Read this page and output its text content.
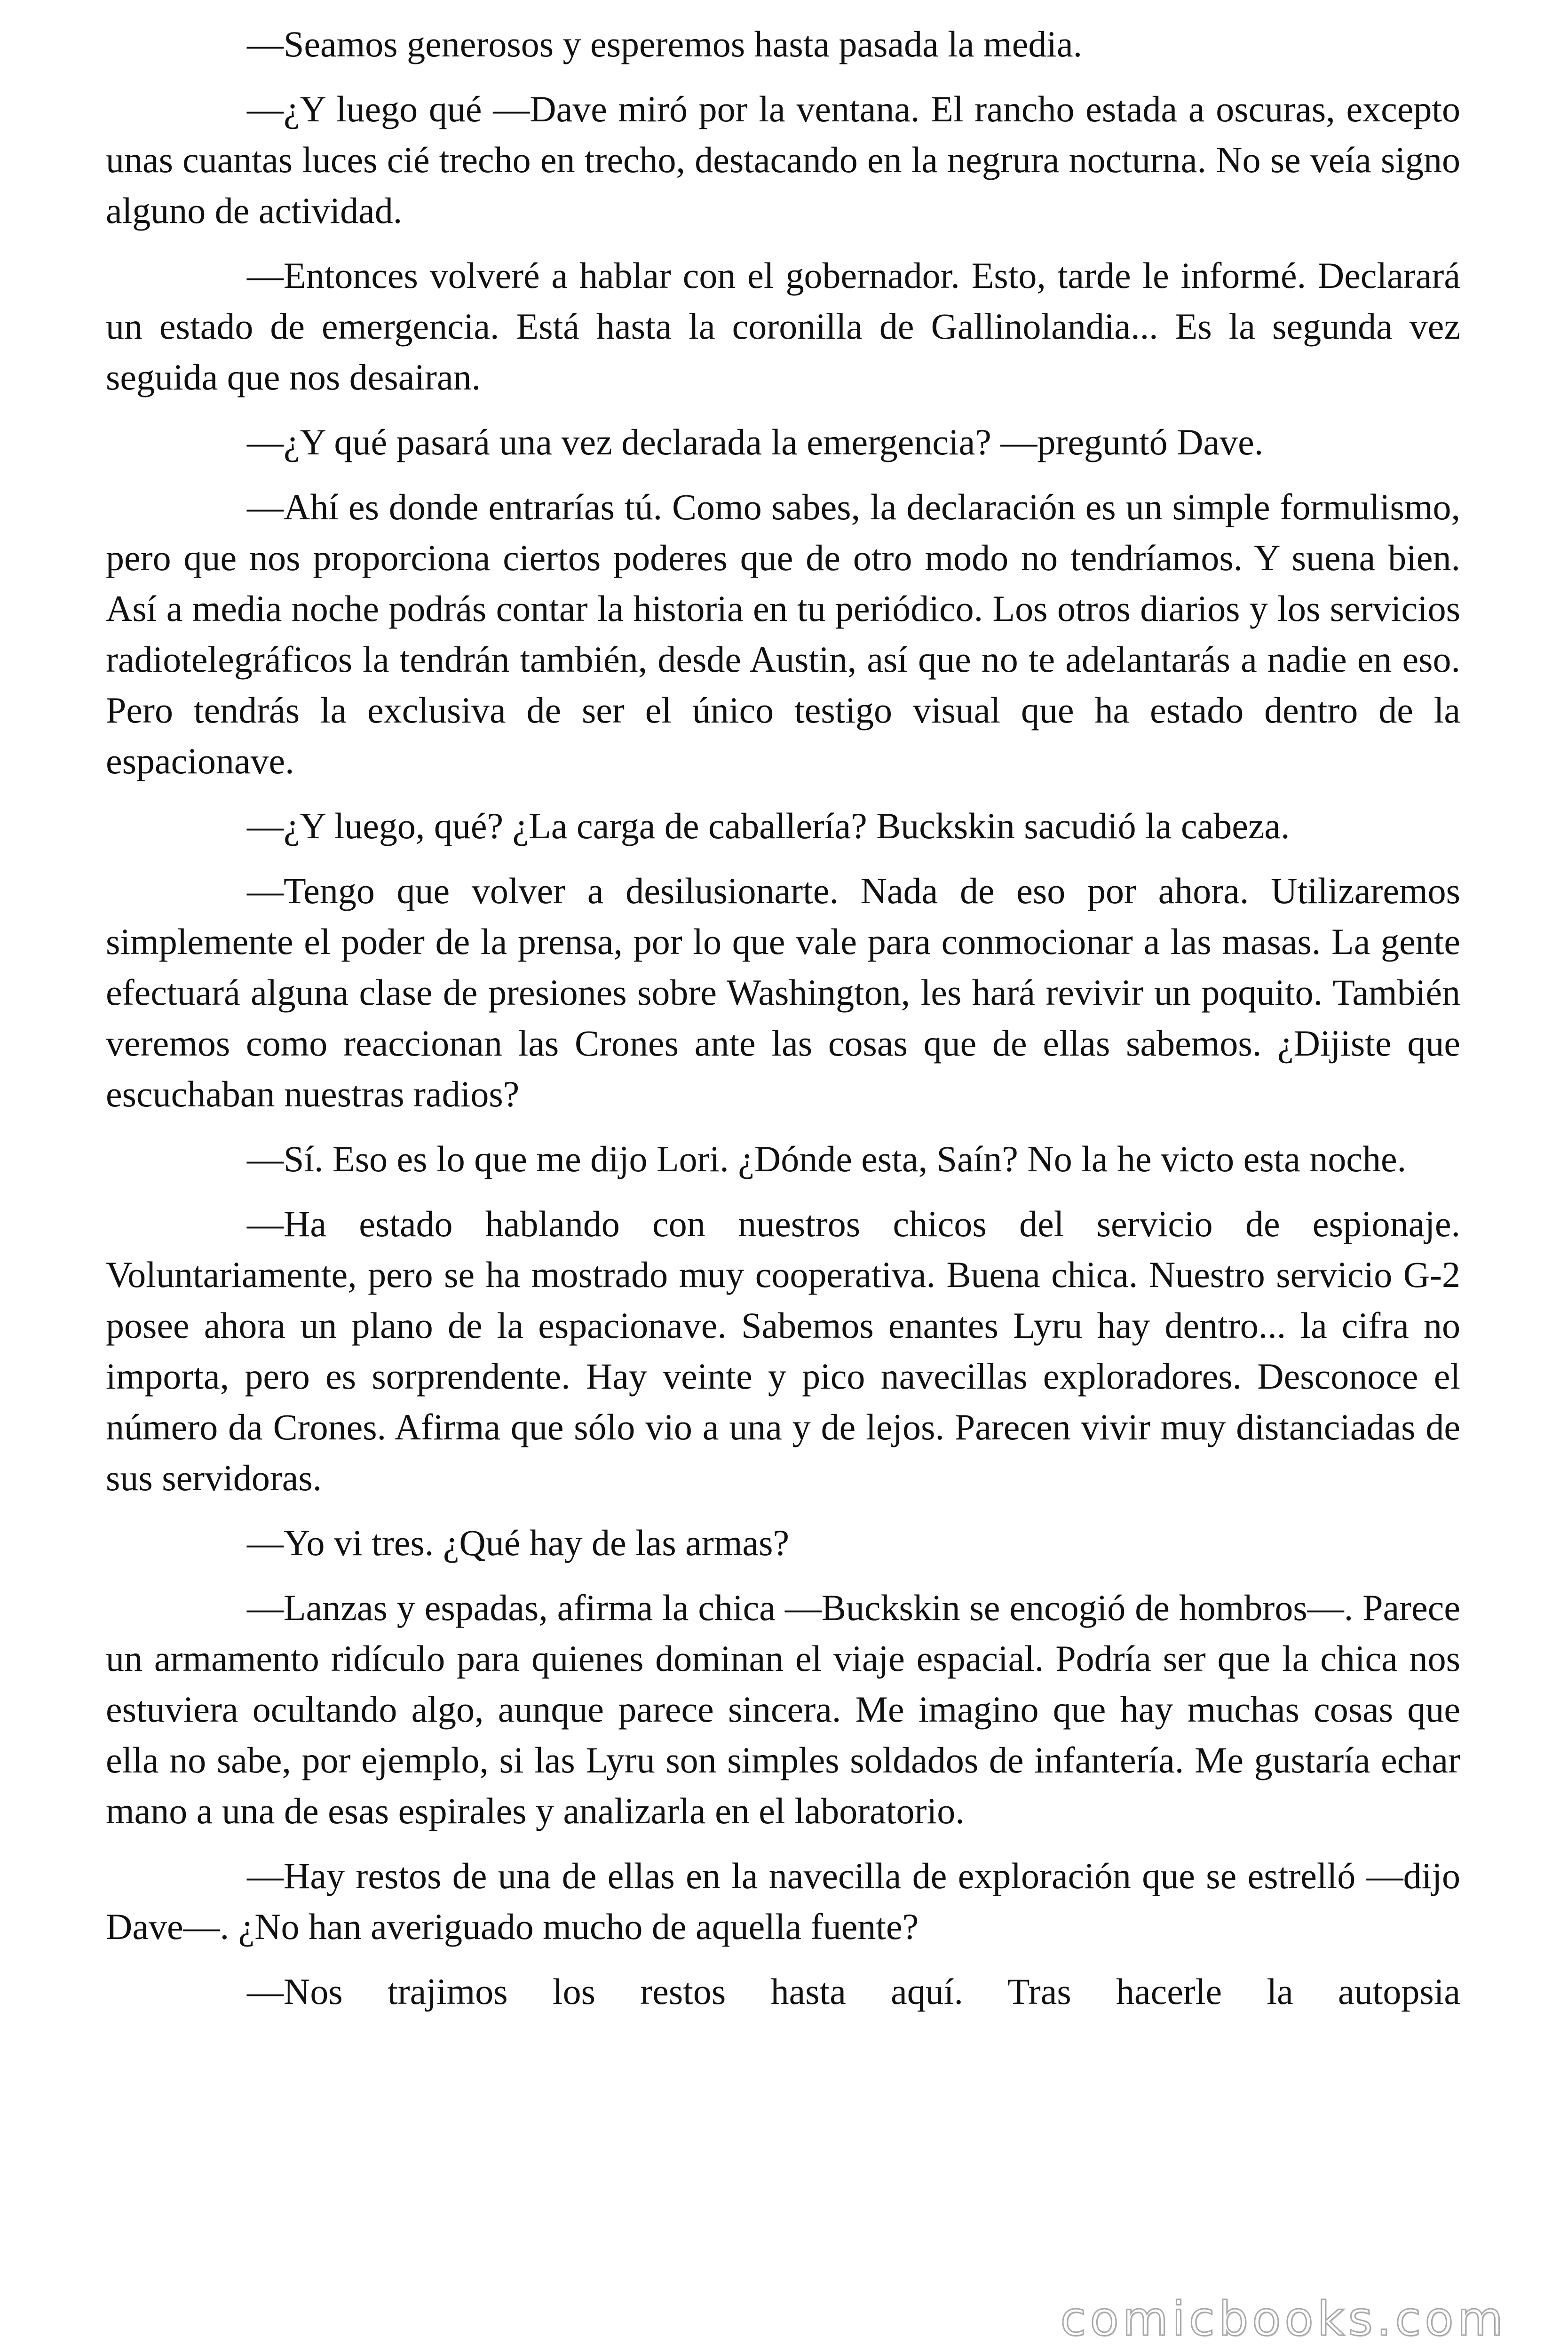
—Seamos generosos y esperemos hasta pasada la media.

—¿Y luego qué —Dave miró por la ventana. El rancho estada a oscuras, excepto unas cuantas luces cié trecho en trecho, destacando en la negrura nocturna. No se veía signo alguno de actividad.

—Entonces volveré a hablar con el gobernador. Esto, tarde le informé. Declarará un estado de emergencia. Está hasta la coronilla de Gallinolandia... Es la segunda vez seguida que nos desairan.

—¿Y qué pasará una vez declarada la emergencia? —preguntó Dave.

—Ahí es donde entrarías tú. Como sabes, la declaración es un simple formulismo, pero que nos proporciona ciertos poderes que de otro modo no tendríamos. Y suena bien. Así a media noche podrás contar la historia en tu periódico. Los otros diarios y los servicios radiotelegráficos la tendrán también, desde Austin, así que no te adelantarás a nadie en eso. Pero tendrás la exclusiva de ser el único testigo visual que ha estado dentro de la espacionave.

—¿Y luego, qué? ¿La carga de caballería? Buckskin sacudió la cabeza.

—Tengo que volver a desilusionarte. Nada de eso por ahora. Utilizaremos simplemente el poder de la prensa, por lo que vale para conmocionar a las masas. La gente efectuará alguna clase de presiones sobre Washington, les hará revivir un poquito. También veremos como reaccionan las Crones ante las cosas que de ellas sabemos. ¿Dijiste que escuchaban nuestras radios?

—Sí. Eso es lo que me dijo Lori. ¿Dónde esta, Saín? No la he victo esta noche.

—Ha estado hablando con nuestros chicos del servicio de espionaje. Voluntariamente, pero se ha mostrado muy cooperativa. Buena chica. Nuestro servicio G-2 posee ahora un plano de la espacionave. Sabemos enantes Lyru hay dentro... la cifra no importa, pero es sorprendente. Hay veinte y pico navecillas exploradores. Desconoce el número da Crones. Afirma que sólo vio a una y de lejos. Parecen vivir muy distanciadas de sus servidoras.

—Yo vi tres. ¿Qué hay de las armas?

—Lanzas y espadas, afirma la chica —Buckskin se encogió de hombros—. Parece un armamento ridículo para quienes dominan el viaje espacial. Podría ser que la chica nos estuviera ocultando algo, aunque parece sincera. Me imagino que hay muchas cosas que ella no sabe, por ejemplo, si las Lyru son simples soldados de infantería. Me gustaría echar mano a una de esas espirales y analizarla en el laboratorio.

—Hay restos de una de ellas en la navecilla de exploración que se estrelló —dijo Dave—. ¿No han averiguado mucho de aquella fuente?

—Nos trajimos los restos hasta aquí. Tras hacerle la autopsia

comicbooks.com
